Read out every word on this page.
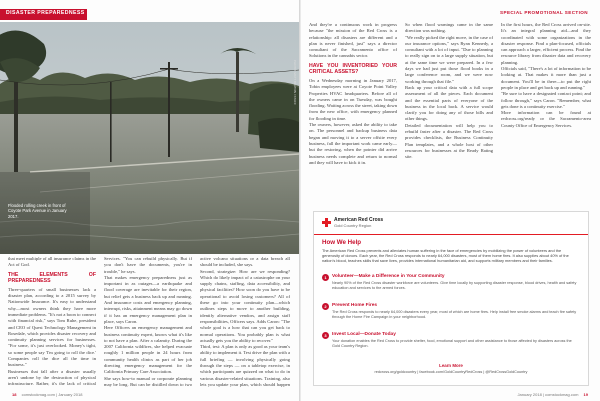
DISASTER PREPAREDNESS
Flooded rolling creek in front of Coyote Park Avenue in January 2017.
PHOTO: MATT BEATON / STAFF

that meet multiple of all insurance claims in the Act of God.

THE ELEMENTS OF PREPAREDNESS

Three-quarters of small businesses lack a disaster plan, according to a 2015 survey by Nationwide Insurance. It's easy to understand why—most owners think they have more immediate problems. "It's not a boon to connect with financial risk," says Tom Ruhe, president and CEO of Quest Technology Management in Rosedale, which provides disaster recovery and continuity planning services for businesses. "For some, it's just overlooked. Money's tight, so some people say 'I'm going to roll the dice.' Companies roll the dice all the time in business."

Businesses that fall after a disaster usually aren't undone by the destruction of physical infrastructure. Rather, it's the lack of critical

Services. "You can rebuild physically. But if you don't have the documents, you're in trouble," he says.

That makes emergency preparedness just as important in as outages—a earthquake and flood coverage are inevitable for their region, but relief gets a business back up and running. And insurance costs and emergency planning, interrupt, risks, attainment means may go down if it has an emergency management plan in place, says Caron.

Here Officers an emergency management and business continuity expert, knows what it's like to not have a plan. After a calamity. During the 2007 California wildfires, she helped evacuate roughly 1 million people in 24 hours from community health clinics as part of her job directing emergency management for the California Primary Care Association.

She says how-to manual or corporate planning may be long. But can be distilled down to two

active volcano situations or a data breach all should be included, she says.

Second, strategize: How are we responding? Which do likely impact of a catastrophe on your supply chains, staffing, data accessibility, and physical facilities? How soon do you have to be operational to avoid losing customers? All of these go into your continuity plan—which outlines steps to move to another building, identify alternative vendors, and assign staff responsibilities, Officers says. Adds Caron: "The whole goal is a how that can you get back to normal operations. You probably plan is what actually gets you the ability to recover."

Third, test: A plan is only as good as your team's ability to implement it. Test drive the plan with a full briefing — involving physically going through the steps — on a tabletop exercise, in which participants are quizzed on what to do in various disaster-related situations. Training, also lets you update your plan, which should happen

18 comstockmag.com | January 2018
SPECIAL PROMOTIONAL SECTION

And they're a continuous work in progress because "the mission of the Red Cross is a relationship: all disasters are different and a plan is never finished, just" says a director consultant of the Sacramento office of Solutions in the cannabis sector.

HAVE YOU INVENTORIED YOUR CRITICAL ASSETS?

On a Wednesday morning in January 2017, Tobin employees were at Coyote Point Valley Properties HVAC headquarters. Before all of the owners came in on Tuesday, was bought flooding. Waiting across the street, taking down from the new office, with emergency planned for flooding in time.

The owners, however, asked the ability to take on. The personnel and backup business data began and moving it to a server offsite every business, fall the important work came early—but the restoring, when the pointer did arrive business needs complete and return to normal and they will have to kick it in.

So when flood warnings came in the same direction was nothing.

"We really picked the right move, in the case of our insurance options," says Ryan Kennedy, a consultant with a lot of input. "Due to planning to really sign on to a large supply situation, but at the same time we were prepared. In a few days we had just put those flood books in a large conference room, and we were now working through that file."

Back up your critical data with a full scope assessment of all the pieces. Each document and the essential parts of everyone of the business in the local back. A service would clarify you for doing any of those bills and other things.

Detailed documentation will help you to rebuild faster after a disaster. The Red Cross provides checklists, the Business Continuity Plan templates, and a whole host of other resources for businesses at the Ready Rating site.

In the first hours, the Red Cross arrived on-site. It's an integral planning aid—and they coordinated with some organizations in the disaster response. Find a plan-focused, officials can approach a larger, efficient process. Find the resource library from disaster data and recovery planning.

Officials said, "There's a lot of information to be looking at. That makes it more than just a document. You'll be in there—to put the right people in place and get back up and running."

"Be sure to have a designated contact point; and follow through," says Caron. "Remember, what gets done is a continuity exercise."

More information can be found at redcross.org/ready or the Sacramento-area County Office of Emergency Services.

American Red Cross
Gold Country Region
How We Help
The American Red Cross prevents and alleviates human suffering in the face of emergencies by mobilizing the power of volunteers and the generosity of donors. Each year, the Red Cross responds to nearly 64,000 disasters, most of them home fires. It also supplies about 40% of the nation's blood, teaches skills that save lives, provides international humanitarian aid, and supports military members and their families.
1	Volunteer—Make a Difference in Your Community
Nearly 90% of the Red Cross disaster workforce are volunteers. Give time locally by supporting disaster response, blood drives, health and safety education and services to the armed forces.
2	Prevent Home Fires
The Red Cross responds to nearly 64,000 disasters every year, most of which are home fires. Help install free smoke alarms and teach fire safety through the Home Fire Campaign in your neighborhood.
3	Invest Local—Donate Today
Your donation enables the Red Cross to provide shelter, food, emotional support and other assistance to those affected by disasters across the Gold Country Region.
Learn More
redcross.org/goldcountry | facebook.com/GoldCountryRedCross | @RedCrossGoldCountry
January 2018 | comstockmag.com 19
